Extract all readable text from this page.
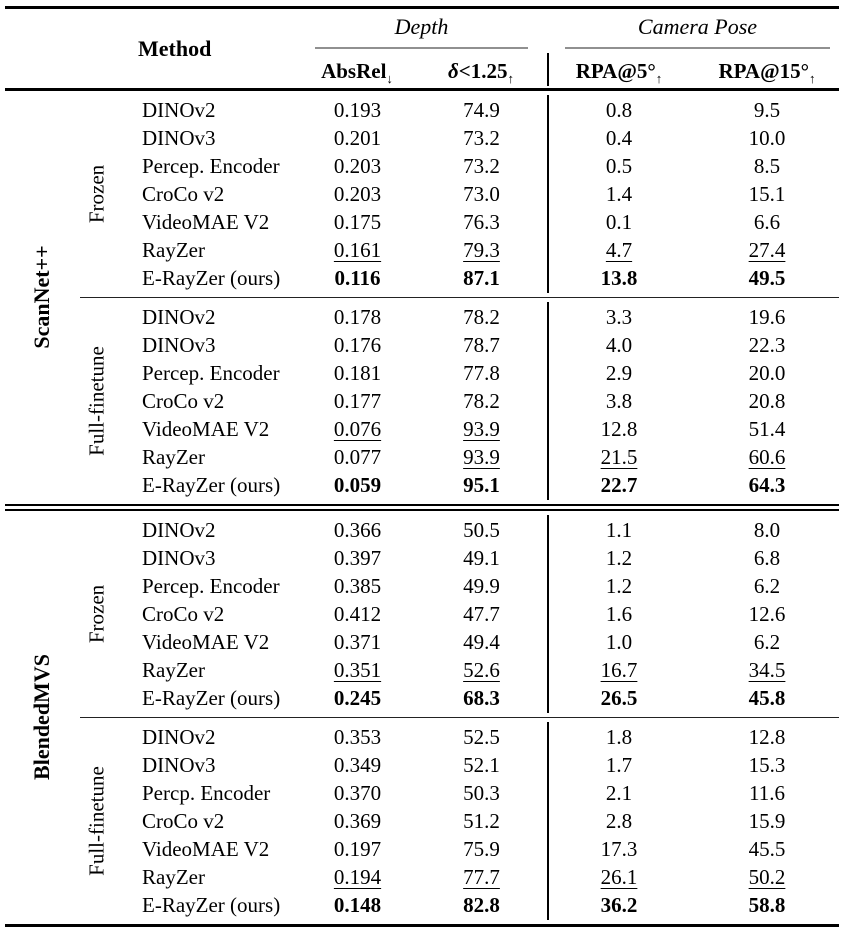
Method
Depth	Camera Pose
AbsRel$_↓$	$\delta<1.25_↑$	$RPA@5^\circ_↑$	$RPA@15^\circ_↑$
ScanNet++
Frozen
DINOv2	0.193	74.9	0.8	9.5
DINOv3	0.201	73.2	0.4	10.0
Percep. Encoder	0.203	73.2	0.5	8.5
CroCo v2	0.203	73.0	1.4	15.1
VideoMAE V2	0.175	76.3	0.1	6.6
RayZer	0.161	79.3	4.7	27.4
E-RayZer (ours)	0.116	87.1	13.8	49.5
Full-finetune
DINOv2	0.178	78.2	3.3	19.6
DINOv3	0.176	78.7	4.0	22.3
Percep. Encoder	0.181	77.8	2.9	20.0
CroCo v2	0.177	78.2	3.8	20.8
VideoMAE V2	0.076	93.9	12.8	51.4
RayZer	0.077	93.9	21.5	60.6
E-RayZer (ours)	0.059	95.1	22.7	64.3
BlendedMVS
Frozen
DINOv2	0.366	50.5	1.1	8.0
DINOv3	0.397	49.1	1.2	6.8
Percep. Encoder	0.385	49.9	1.2	6.2
CroCo v2	0.412	47.7	1.6	12.6
VideoMAE V2	0.371	49.4	1.0	6.2
RayZer	0.351	52.6	16.7	34.5
E-RayZer (ours)	0.245	68.3	26.5	45.8
Full-finetune
DINOv2	0.353	52.5	1.8	12.8
DINOv3	0.349	52.1	1.7	15.3
Percp. Encoder	0.370	50.3	2.1	11.6
CroCo v2	0.369	51.2	2.8	15.9
VideoMAE V2	0.197	75.9	17.3	45.5
RayZer	0.194	77.7	26.1	50.2
E-RayZer (ours)	0.148	82.8	36.2	58.8
